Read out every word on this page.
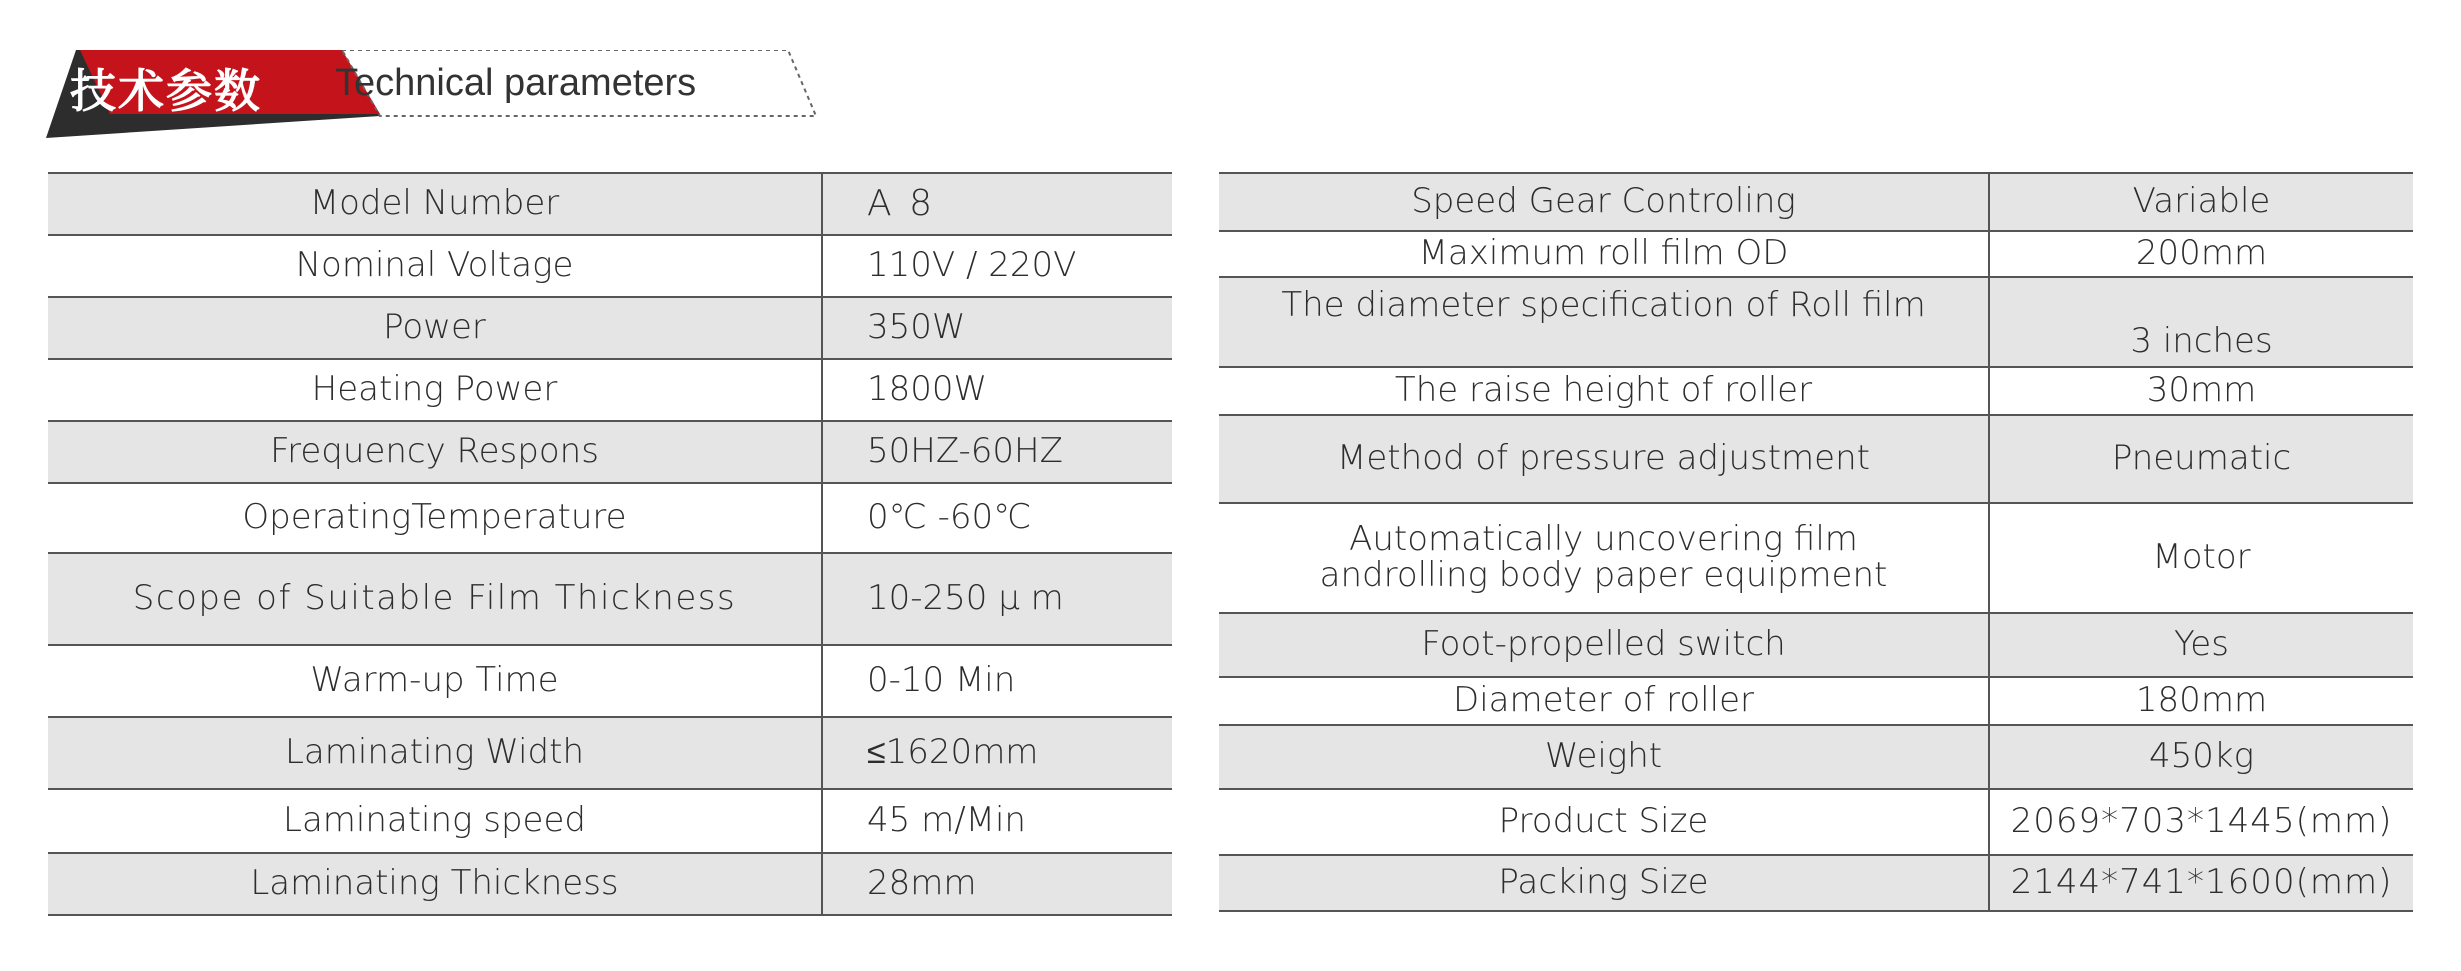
技术参数 Technical parameters
Model Number	A 8
Nominal Voltage	110V / 220V
Power	350W
Heating Power	1800W
Frequency Respons	50HZ-60HZ
OperatingTemperature	0℃ -60℃
Scope of Suitable Film Thickness	10-250 μ m
Warm-up Time	0-10 Min
Laminating Width	≤1620mm
Laminating speed	45 m/Min
Laminating Thickness	28mm
Speed Gear Controling	Variable
Maximum roll film OD	200mm
The diameter specification of Roll film	3 inches
The raise height of roller	30mm
Method of pressure adjustment	Pneumatic
Automatically uncovering film androlling body paper equipment	Motor
Foot-propelled switch	Yes
Diameter of roller	180mm
Weight	450kg
Product Size	2069*703*1445(mm)
Packing Size	2144*741*1600(mm)
